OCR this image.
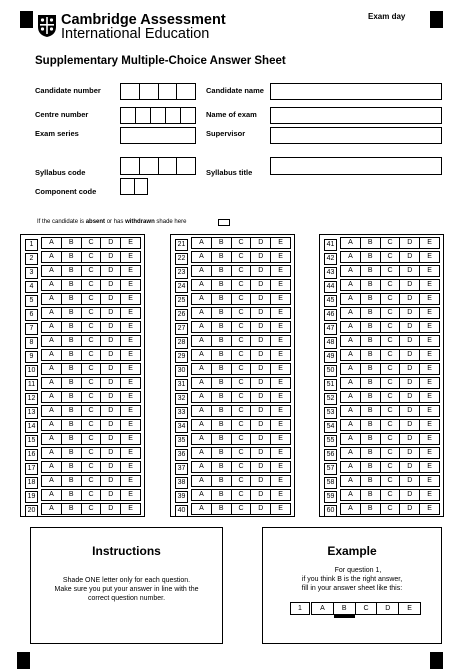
Cambridge Assessment
International Education
Exam day
Supplementary Multiple-Choice Answer Sheet
Candidate number	Candidate name
Centre number	Name of exam
Exam series	Supervisor
Syllabus code	Syllabus title
Component code
If the candidate is absent or has withdrawn shade here
1	A	B	C	D	E
2	A	B	C	D	E
3	A	B	C	D	E
4	A	B	C	D	E
5	A	B	C	D	E
6	A	B	C	D	E
7	A	B	C	D	E
8	A	B	C	D	E
9	A	B	C	D	E
10	A	B	C	D	E
11	A	B	C	D	E
12	A	B	C	D	E
13	A	B	C	D	E
14	A	B	C	D	E
15	A	B	C	D	E
16	A	B	C	D	E
17	A	B	C	D	E
18	A	B	C	D	E
19	A	B	C	D	E
20	A	B	C	D	E
21	A	B	C	D	E
22	A	B	C	D	E
23	A	B	C	D	E
24	A	B	C	D	E
25	A	B	C	D	E
26	A	B	C	D	E
27	A	B	C	D	E
28	A	B	C	D	E
29	A	B	C	D	E
30	A	B	C	D	E
31	A	B	C	D	E
32	A	B	C	D	E
33	A	B	C	D	E
34	A	B	C	D	E
35	A	B	C	D	E
36	A	B	C	D	E
37	A	B	C	D	E
38	A	B	C	D	E
39	A	B	C	D	E
40	A	B	C	D	E
41	A	B	C	D	E
42	A	B	C	D	E
43	A	B	C	D	E
44	A	B	C	D	E
45	A	B	C	D	E
46	A	B	C	D	E
47	A	B	C	D	E
48	A	B	C	D	E
49	A	B	C	D	E
50	A	B	C	D	E
51	A	B	C	D	E
52	A	B	C	D	E
53	A	B	C	D	E
54	A	B	C	D	E
55	A	B	C	D	E
56	A	B	C	D	E
57	A	B	C	D	E
58	A	B	C	D	E
59	A	B	C	D	E
60	A	B	C	D	E
Instructions
Shade ONE letter only for each question.
Make sure you put your answer in line with the
correct question number.
Example
For question 1,
if you think B is the right answer,
fill in your answer sheet like this:
1	A	B	C	D	E
